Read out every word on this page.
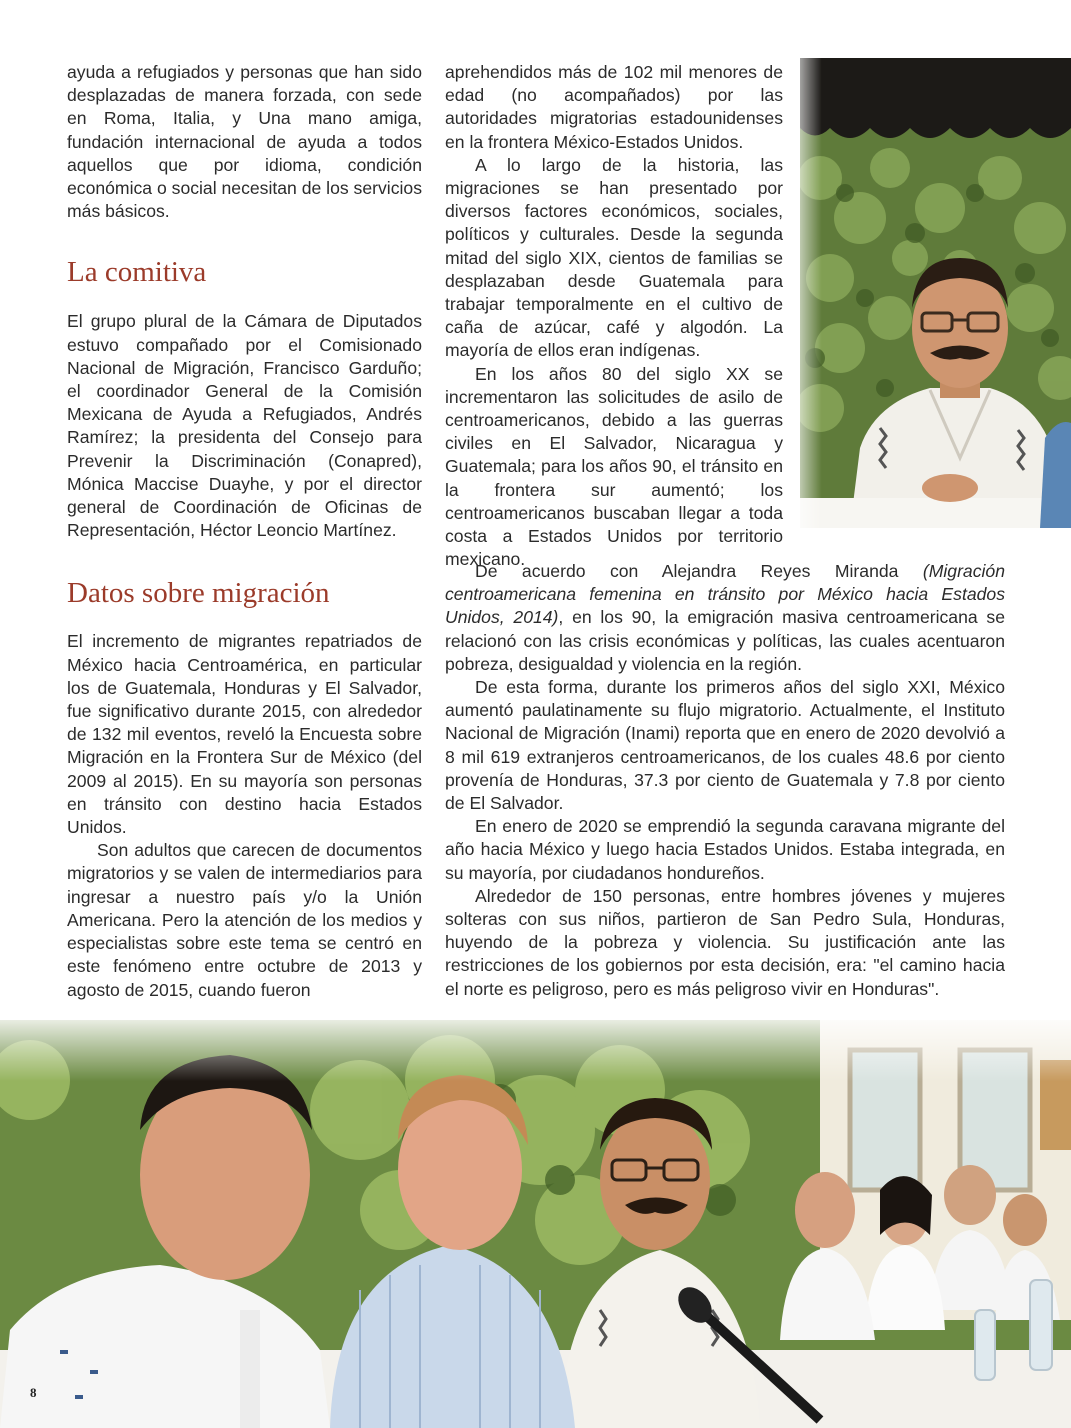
ayuda a refugiados y personas que han sido desplazadas de manera forzada, con sede en Roma, Italia, y Una mano amiga, fundación internacional de ayuda a todos aquellos que por idioma, condición económica o social necesitan de los servicios más básicos.

La comitiva

El grupo plural de la Cámara de Diputados estuvo compañado por el Comisionado Nacional de Migración, Francisco Garduño; el coordinador General de la Comisión Mexicana de Ayuda a Refugiados, Andrés Ramírez; la presidenta del Consejo para Prevenir la Discriminación (Conapred), Mónica Maccise Duayhe, y por el director general de Coordinación de Oficinas de Representación, Héctor Leoncio Martínez.

Datos sobre migración

El incremento de migrantes repatriados de México hacia Centroamérica, en particular los de Guatemala, Honduras y El Salvador, fue significativo durante 2015, con alrededor de 132 mil eventos, reveló la Encuesta sobre Migración en la Frontera Sur de México (del 2009 al 2015). En su mayoría son personas en tránsito con destino hacia Estados Unidos.

Son adultos que carecen de documentos migratorios y se valen de intermediarios para ingresar a nuestro país y/o la Unión Americana. Pero la atención de los medios y especialistas sobre este tema se centró en este fenómeno entre octubre de 2013 y agosto de 2015, cuando fueron

aprehendidos más de 102 mil menores de edad (no acompañados) por las autoridades migratorias estadounidenses en la frontera México-Estados Unidos.

A lo largo de la historia, las migraciones se han presentado por diversos factores económicos, sociales, políticos y culturales. Desde la segunda mitad del siglo XIX, cientos de familias se desplazaban desde Guatemala para trabajar temporalmente en el cultivo de caña de azúcar, café y algodón. La mayoría de ellos eran indígenas.

En los años 80 del siglo XX se incrementaron las solicitudes de asilo de centroamericanos, debido a las guerras civiles en El Salvador, Nicaragua y Guatemala; para los años 90, el tránsito en la frontera sur aumentó; los centroamericanos buscaban llegar a toda costa a Estados Unidos por territorio mexicano.

De acuerdo con Alejandra Reyes Miranda (Migración centroamericana femenina en tránsito por México hacia Estados Unidos, 2014), en los 90, la emigración masiva centroamericana se relacionó con las crisis económicas y políticas, las cuales acentuaron pobreza, desigualdad y violencia en la región.

De esta forma, durante los primeros años del siglo XXI, México aumentó paulatinamente su flujo migratorio. Actualmente, el Instituto Nacional de Migración (Inami) reporta que en enero de 2020 devolvió a 8 mil 619 extranjeros centroamericanos, de los cuales 48.6 por ciento provenía de Honduras, 37.3 por ciento de Guatemala y 7.8 por ciento de El Salvador.

En enero de 2020 se emprendió la segunda caravana migrante del año hacia México y luego hacia Estados Unidos. Estaba integrada, en su mayoría, por ciudadanos hondureños.

Alrededor de 150 personas, entre hombres jóvenes y mujeres solteras con sus niños, partieron de San Pedro Sula, Honduras, huyendo de la pobreza y violencia. Su justificación ante las restricciones de los gobiernos por esta decisión, era: "el camino hacia el norte es peligroso, pero es más peligroso vivir en Honduras".

8
